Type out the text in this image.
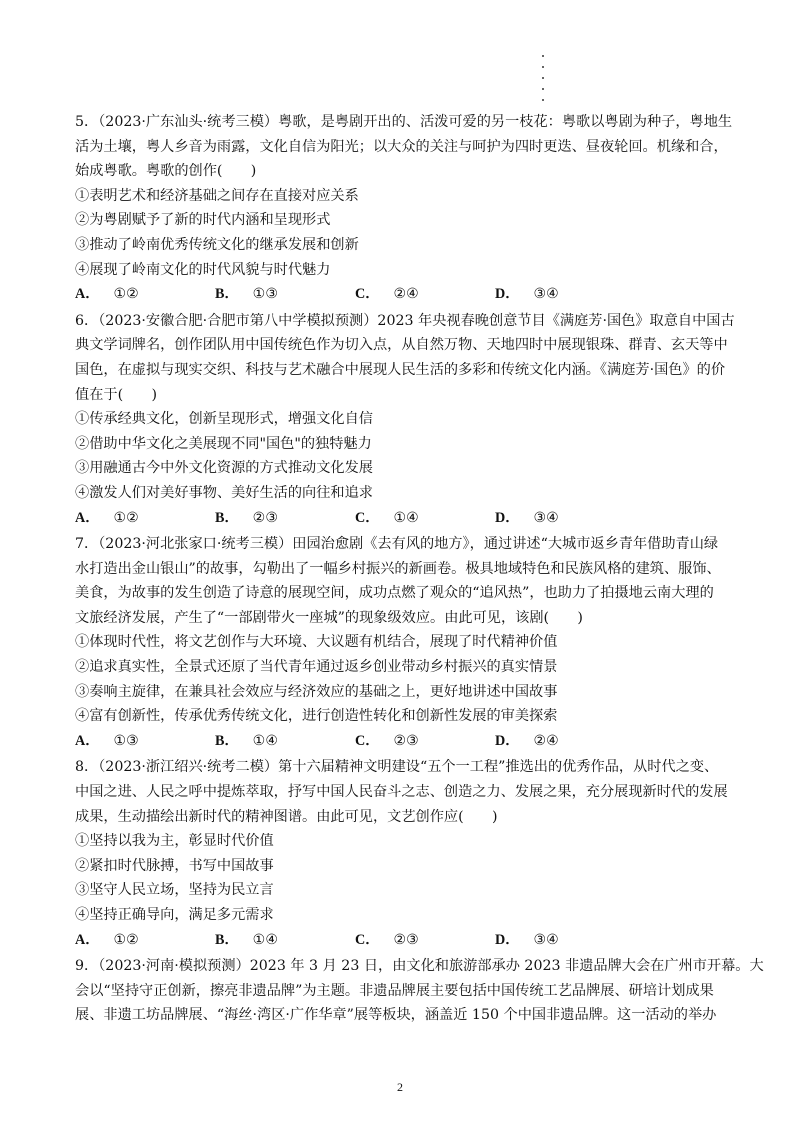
5．（2023·广东汕头·统考三模）粤歌，是粤剧开出的、活泼可爱的另一枝花：粤歌以粤剧为种子，粤地生
活为土壤，粤人乡音为雨露，文化自信为阳光；以大众的关注与呵护为四时更迭、昼夜轮回。机缘和合，
始成粤歌。粤歌的创作(　　)
①表明艺术和经济基础之间存在直接对应关系
②为粤剧赋予了新的时代内涵和呈现形式
③推动了岭南优秀传统文化的继承发展和创新
④展现了岭南文化的时代风貌与时代魅力
A． ①②	B． ①③	C． ②④	D． ③④
6．（2023·安徽合肥·合肥市第八中学模拟预测）2023 年央视春晚创意节目《满庭芳·国色》取意自中国古
典文学词牌名，创作团队用中国传统色作为切入点，从自然万物、天地四时中展现银珠、群青、玄天等中
国色，在虚拟与现实交织、科技与艺术融合中展现人民生活的多彩和传统文化内涵。《满庭芳·国色》的价
值在于(　　)
①传承经典文化，创新呈现形式，增强文化自信
②借助中华文化之美展现不同"国色"的独特魅力
③用融通古今中外文化资源的方式推动文化发展
④激发人们对美好事物、美好生活的向往和追求
A． ①②	B． ②③	C． ①④	D． ③④
7．（2023·河北张家口·统考三模）田园治愈剧《去有风的地方》，通过讲述“大城市返乡青年借助青山绿
水打造出金山银山”的故事，勾勒出了一幅乡村振兴的新画卷。极具地域特色和民族风格的建筑、服饰、
美食，为故事的发生创造了诗意的展现空间，成功点燃了观众的“追风热”，也助力了拍摄地云南大理的
文旅经济发展，产生了“一部剧带火一座城”的现象级效应。由此可见，该剧(　　)
①体现时代性，将文艺创作与大环境、大议题有机结合，展现了时代精神价值
②追求真实性，全景式还原了当代青年通过返乡创业带动乡村振兴的真实情景
③奏响主旋律，在兼具社会效应与经济效应的基础之上，更好地讲述中国故事
④富有创新性，传承优秀传统文化，进行创造性转化和创新性发展的审美探索
A． ①③	B． ①④	C． ②③	D． ②④
8．（2023·浙江绍兴·统考二模）第十六届精神文明建设“五个一工程”推选出的优秀作品，从时代之变、
中国之进、人民之呼中提炼萃取，抒写中国人民奋斗之志、创造之力、发展之果，充分展现新时代的发展
成果，生动描绘出新时代的精神图谱。由此可见，文艺创作应(　　)
①坚持以我为主，彰显时代价值
②紧扣时代脉搏，书写中国故事
③坚守人民立场，坚持为民立言
④坚持正确导向，满足多元需求
A． ①②	B． ①④	C． ②③	D． ③④
9．（2023·河南·模拟预测）2023 年 3 月 23 日，由文化和旅游部承办 2023 非遗品牌大会在广州市开幕。大
会以“坚持守正创新，擦亮非遗品牌”为主题。非遗品牌展主要包括中国传统工艺品牌展、研培计划成果
展、非遗工坊品牌展、“海丝·湾区·广作华章”展等板块，涵盖近 150 个中国非遗品牌。这一活动的举办
2
